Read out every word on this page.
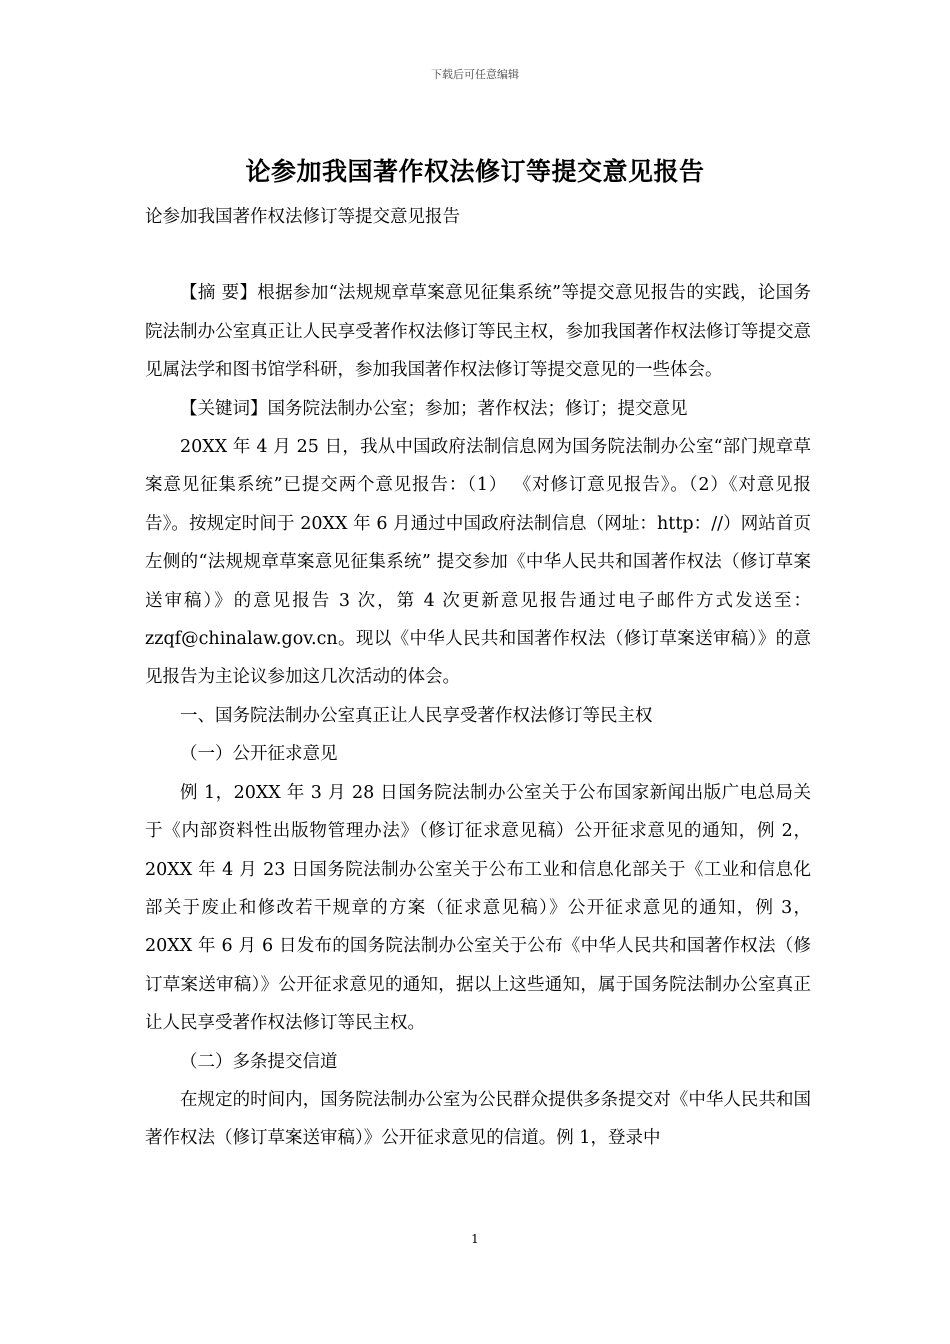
下载后可任意编辑
论参加我国著作权法修订等提交意见报告

论参加我国著作权法修订等提交意见报告

【摘 要】根据参加“法规规章草案意见征集系统”等提交意见报告的实践，论国务院法制办公室真正让人民享受著作权法修订等民主权，参加我国著作权法修订等提交意见属法学和图书馆学科研，参加我国著作权法修订等提交意见的一些体会。

【关键词】国务院法制办公室；参加；著作权法；修订；提交意见

20XX 年 4 月 25 日，我从中国政府法制信息网为国务院法制办公室“部门规章草案意见征集系统”已提交两个意见报告：（1） 《对修订意见报告》。（2）《对意见报告》。按规定时间于 20XX 年 6 月通过中国政府法制信息（网址：http：//）网站首页左侧的“法规规章草案意见征集系统” 提交参加《中华人民共和国著作权法（修订草案送审稿）》的意见报告 3 次，第 4 次更新意见报告通过电子邮件方式发送至：zzqf@chinalaw.gov.cn。现以《中华人民共和国著作权法（修订草案送审稿）》的意见报告为主论议参加这几次活动的体会。

一、国务院法制办公室真正让人民享受著作权法修订等民主权

（一）公开征求意见

例 1，20XX 年 3 月 28 日国务院法制办公室关于公布国家新闻出版广电总局关于《内部资料性出版物管理办法》（修订征求意见稿）公开征求意见的通知，例 2，20XX 年 4 月 23 日国务院法制办公室关于公布工业和信息化部关于《工业和信息化部关于废止和修改若干规章的方案（征求意见稿）》公开征求意见的通知，例 3，20XX 年 6 月 6 日发布的国务院法制办公室关于公布《中华人民共和国著作权法（修订草案送审稿）》公开征求意见的通知，据以上这些通知，属于国务院法制办公室真正让人民享受著作权法修订等民主权。

（二）多条提交信道

在规定的时间内，国务院法制办公室为公民群众提供多条提交对《中华人民共和国著作权法（修订草案送审稿）》公开征求意见的信道。例 1，登录中

1
